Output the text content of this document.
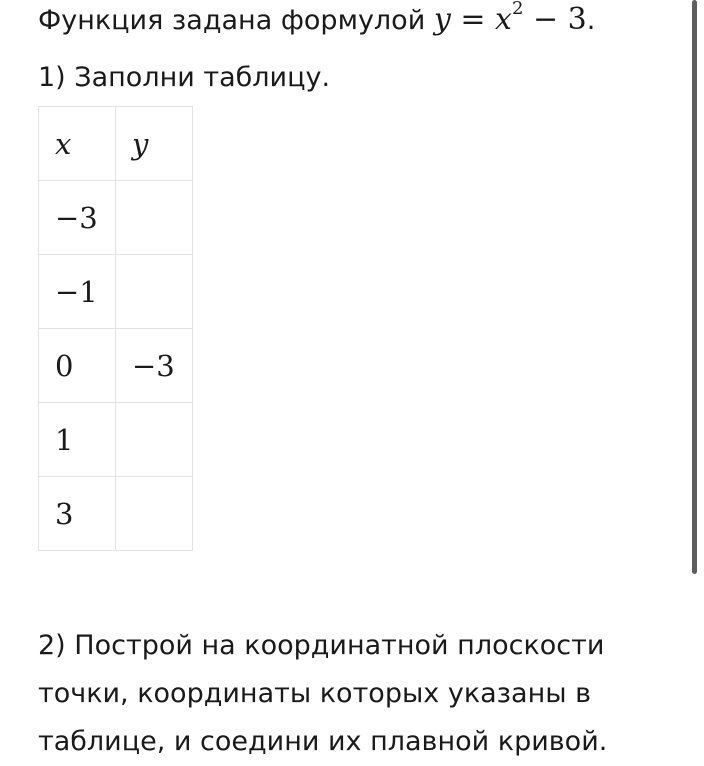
Функция задана формулой $y = x^2 - 3$.
1) Заполни таблицу.
x	y
−3	
−1	
0	−3
1	
3	
2) Построй на координатной плоскости
точки, координаты которых указаны в
таблице, и соедини их плавной кривой.
